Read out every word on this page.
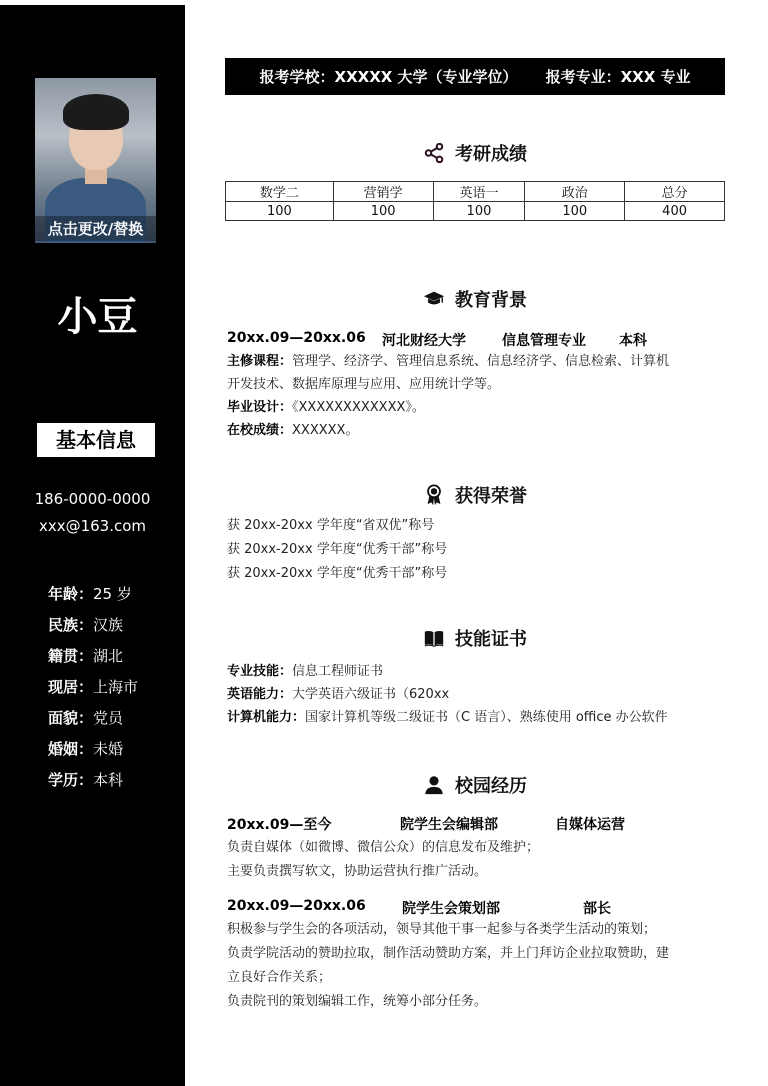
点击更改/替换
小豆
基本信息
186-0000-0000
xxx@163.com
年龄：25 岁
民族：汉族
籍贯：湖北
现居：上海市
面貌：党员
婚姻：未婚
学历：本科
报考学校：XXXXX 大学（专业学位） 报考专业：XXX 专业
考研成绩
数学二	营销学	英语一	政治	总分
100	100	100	100	400
教育背景
20xx.09—20xx.06 河北财经大学	信息管理专业 本科
主修课程：管理学、经济学、管理信息系统、信息经济学、信息检索、计算机
开发技术、数据库原理与应用、应用统计学等。
毕业设计：《XXXXXXXXXXXX》。
在校成绩：XXXXXX。
获得荣誉
获 20xx-20xx 学年度“省双优”称号
获 20xx-20xx 学年度“优秀干部”称号
获 20xx-20xx 学年度“优秀干部”称号
技能证书
专业技能：信息工程师证书
英语能力：大学英语六级证书（620xx
计算机能力：国家计算机等级二级证书（C 语言）、熟练使用 office 办公软件
校园经历
20xx.09—至今	院学生会编辑部	自媒体运营
负责自媒体（如微博、微信公众）的信息发布及维护；
主要负责撰写软文，协助运营执行推广活动。
20xx.09—20xx.06	院学生会策划部	部长
积极参与学生会的各项活动，领导其他干事一起参与各类学生活动的策划；
负责学院活动的赞助拉取，制作活动赞助方案，并上门拜访企业拉取赞助，建
立良好合作关系；
负责院刊的策划编辑工作，统筹小部分任务。
